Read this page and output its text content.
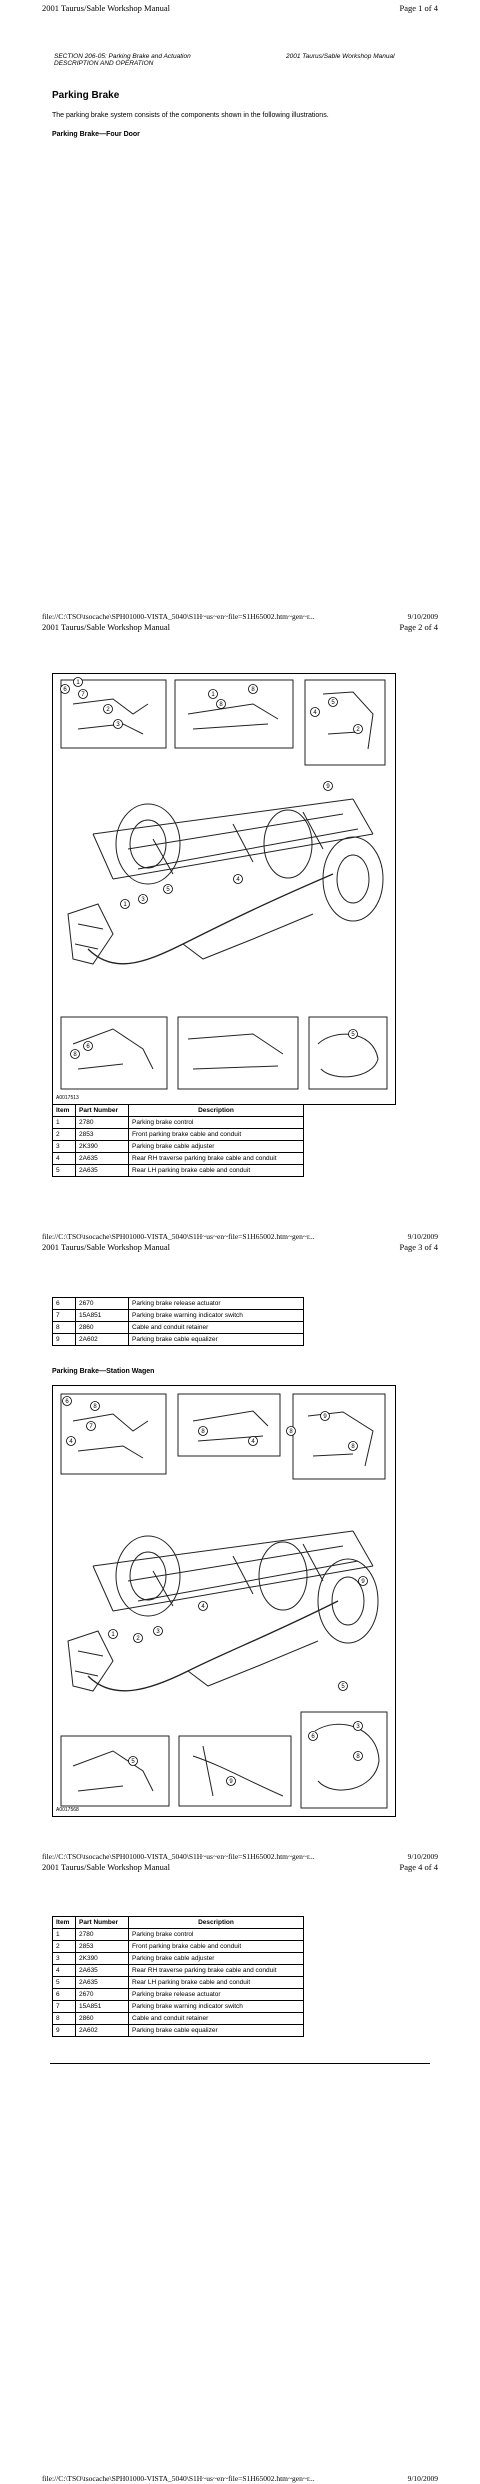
2001 Taurus/Sable Workshop Manual	Page 1 of 4
SECTION 206-05: Parking Brake and Actuation
DESCRIPTION AND OPERATION
2001 Taurus/Sable Workshop Manual
Parking Brake
The parking brake system consists of the components shown in the following illustrations.
Parking Brake—Four Door
file://C:\TSO\tsocache\SPH01000-VISTA_5040\S1H~us~en~file=S1H65002.htm~gen~r...	9/10/2009
2001 Taurus/Sable Workshop Manual	Page 2 of 4
6
1
7
3
2
1
8
8
4
5
2
1
3
5
4
9
8
6
5
A0017513
Item	Part Number	Description
1	2780	Parking brake control
2	2853	Front parking brake cable and conduit
3	2K390	Parking brake cable adjuster
4	2A635	Rear RH traverse parking brake cable and conduit
5	2A635	Rear LH parking brake cable and conduit
file://C:\TSO\tsocache\SPH01000-VISTA_5040\S1H~us~en~file=S1H65002.htm~gen~r...	9/10/2009
2001 Taurus/Sable Workshop Manual	Page 3 of 4
6	2670	Parking brake release actuator
7	15A851	Parking brake warning indicator switch
8	2860	Cable and conduit retainer
9	2A602	Parking brake cable equalizer
Parking Brake—Station Wagen
6
8
7
4
8	8
4
9
8
4
9
5
2
3
1
5
9
6
3
8
A0017568
file://C:\TSO\tsocache\SPH01000-VISTA_5040\S1H~us~en~file=S1H65002.htm~gen~r...	9/10/2009
2001 Taurus/Sable Workshop Manual	Page 4 of 4
Item	Part Number	Description
1	2780	Parking brake control
2	2853	Front parking brake cable and conduit
3	2K390	Parking brake cable adjuster
4	2A635	Rear RH traverse parking brake cable and conduit
5	2A635	Rear LH parking brake cable and conduit
6	2670	Parking brake release actuator
7	15A851	Parking brake warning indicator switch
8	2860	Cable and conduit retainer
9	2A602	Parking brake cable equalizer
file://C:\TSO\tsocache\SPH01000-VISTA_5040\S1H~us~en~file=S1H65002.htm~gen~r...	9/10/2009
